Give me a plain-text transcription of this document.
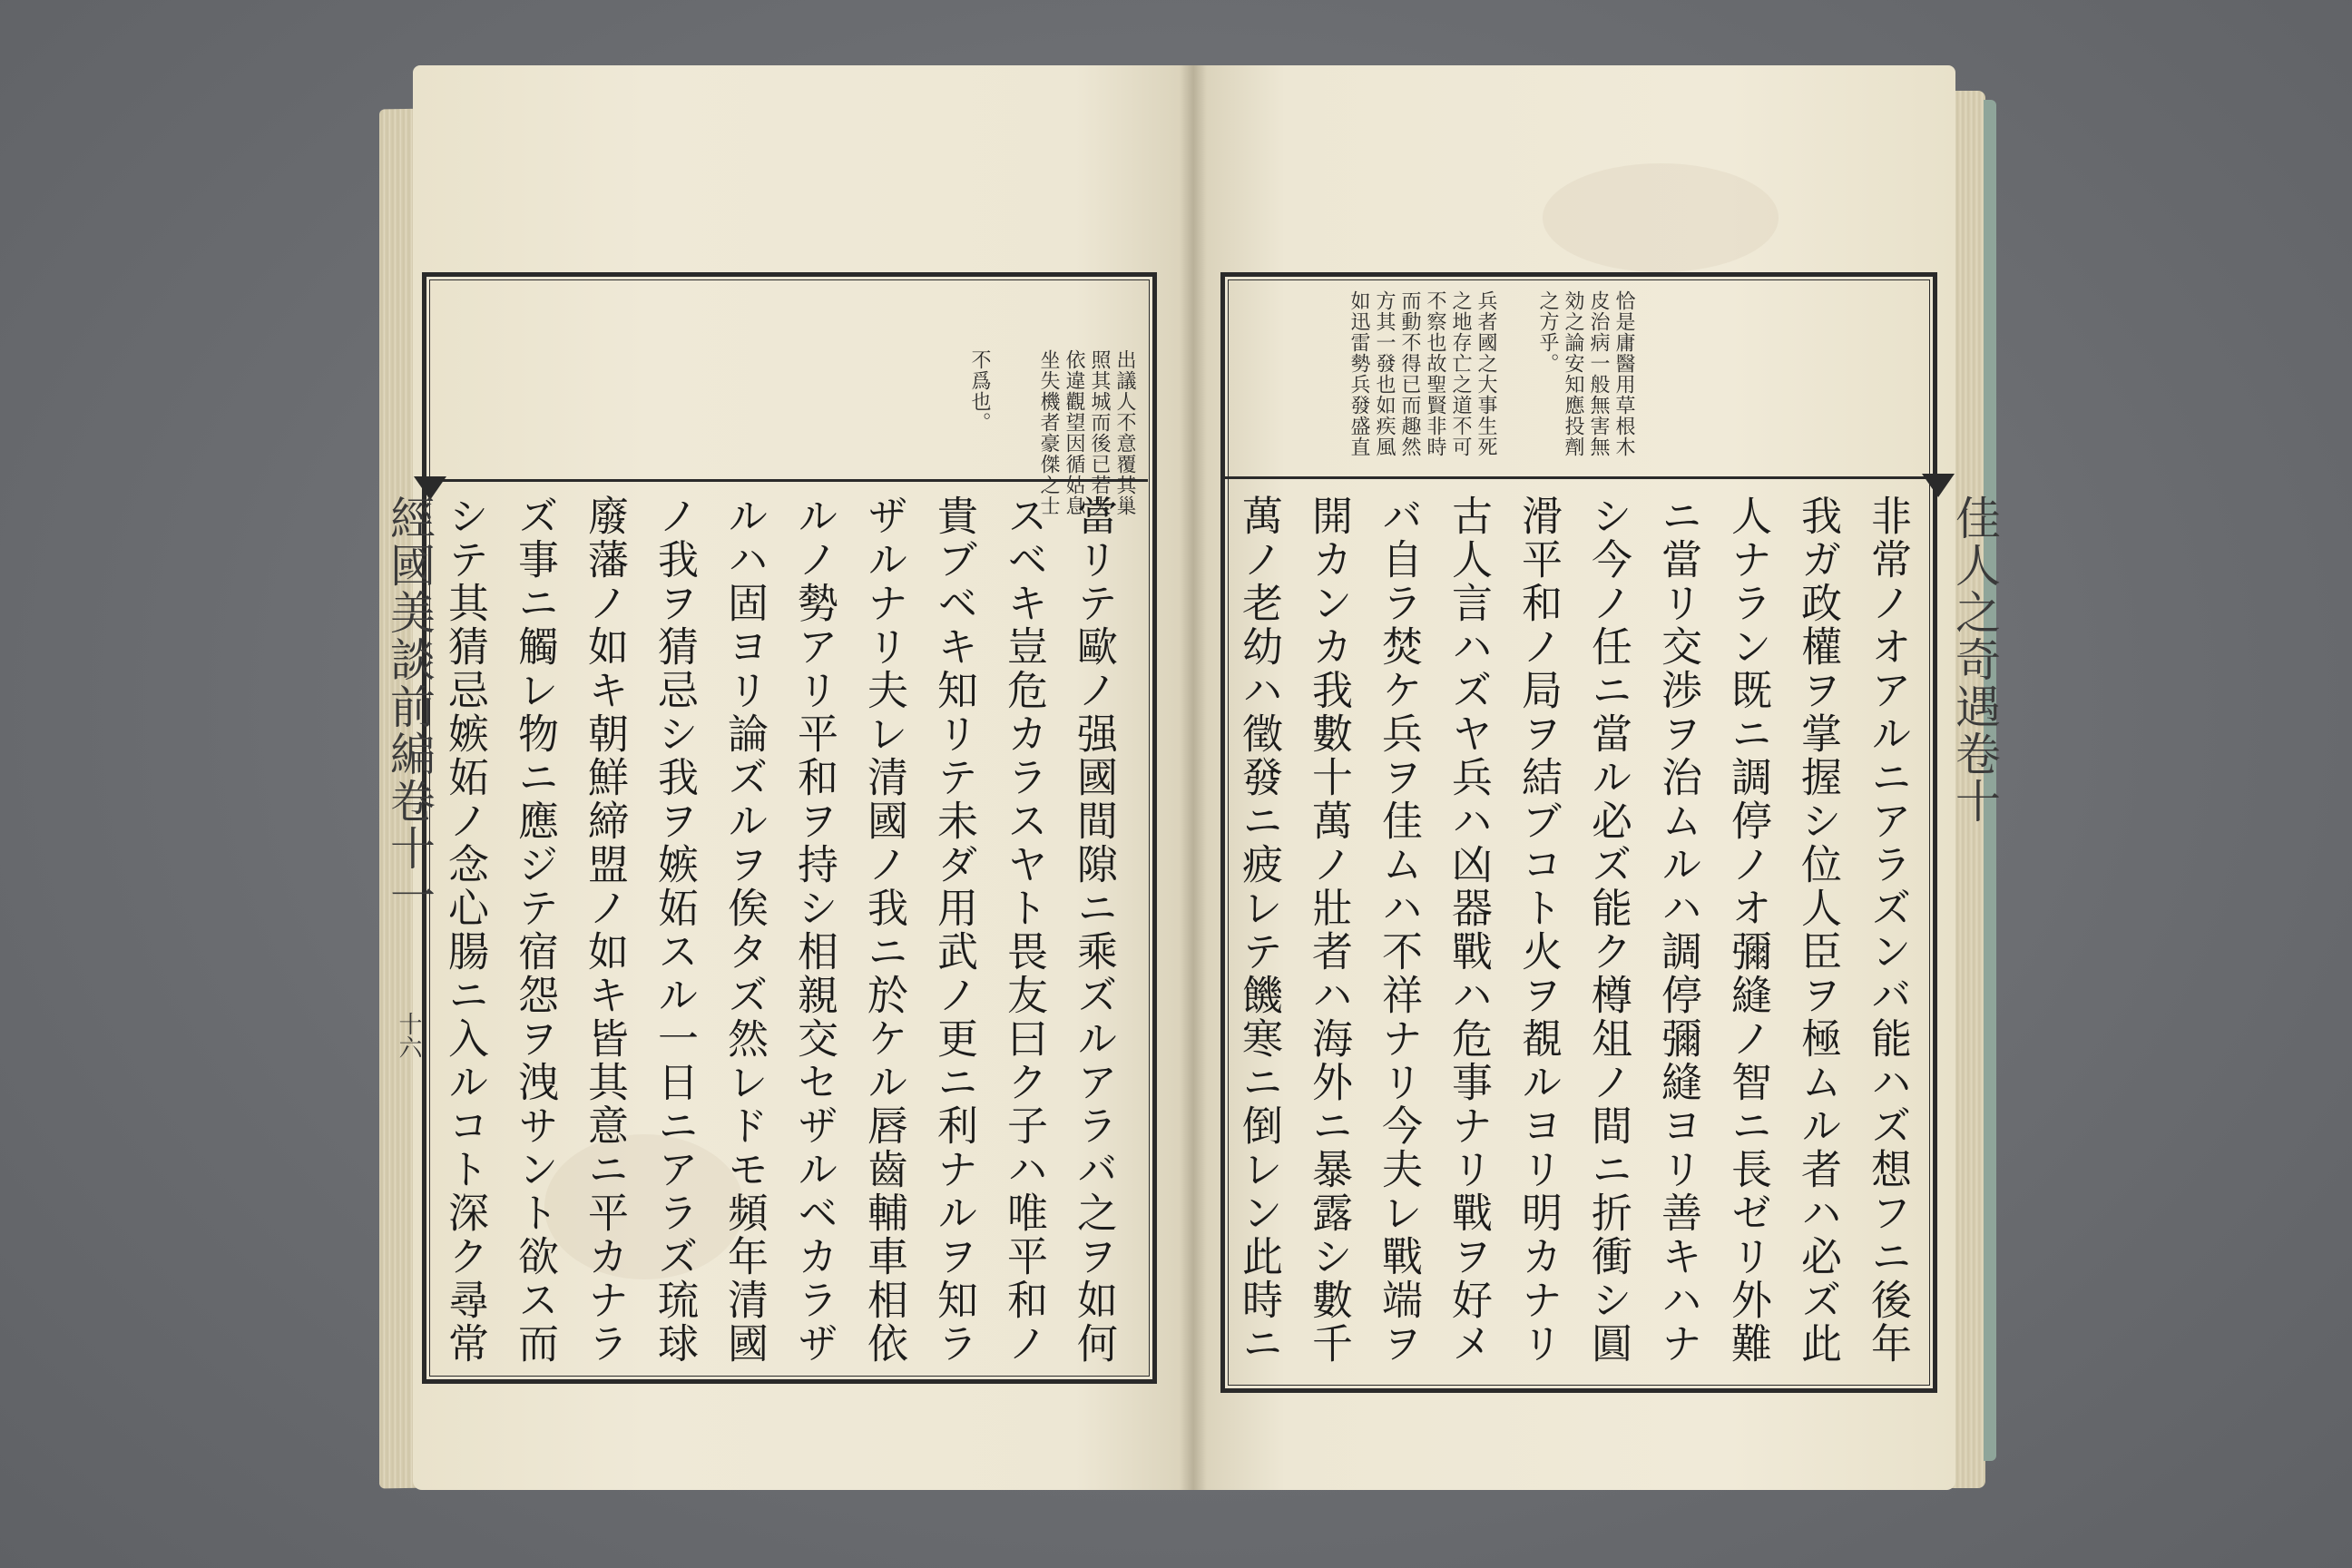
經國美談前編卷十一
十六
出議人不意覆其巢
照其城而後已若夫
依違觀望因循姑息
坐失機者豪傑之士
不爲也。
當リテ歐ノ强國間隙ニ乘ズルアラバ之ヲ如何
スベキ豈危カラスヤト畏友曰ク子ハ唯平和ノ
貴ブベキ知リテ未ダ用武ノ更ニ利ナルヲ知ラ
ザルナリ夫レ清國ノ我ニ於ケル唇齒輔車相依
ルノ勢アリ平和ヲ持シ相親交セザルベカラザ
ルハ固ヨリ論ズルヲ俟タズ然レドモ頻年清國
ノ我ヲ猜忌シ我ヲ嫉妬スル一日ニアラズ琉球
廢藩ノ如キ朝鮮締盟ノ如キ皆其意ニ平カナラ
ズ事ニ觸レ物ニ應ジテ宿怨ヲ洩サント欲ス而
シテ其猜忌嫉妬ノ念心腸ニ入ルコト深ク尋常	佳人之奇遇卷十
恰是庸醫用草根木
皮治病一般無害無
効之論安知應投劑
之方乎。
兵者國之大事生死
之地存亡之道不可
不察也故聖賢非時
而動不得已而趣然
方其一發也如疾風
如迅雷勢兵發盛直
非常ノオアルニアラズンバ能ハズ想フニ後年
我ガ政權ヲ掌握シ位人臣ヲ極ムル者ハ必ズ此
人ナラン既ニ調停ノオ彌縫ノ智ニ長ゼリ外難
ニ當リ交渉ヲ治ムルハ調停彌縫ヨリ善キハナ
シ今ノ任ニ當ル必ズ能ク樽俎ノ間ニ折衝シ圓
滑平和ノ局ヲ結ブコト火ヲ覩ルヨリ明カナリ
古人言ハズヤ兵ハ凶器戰ハ危事ナリ戰ヲ好メ
バ自ラ焚ケ兵ヲ佳ムハ不祥ナリ今夫レ戰端ヲ
開カンカ我數十萬ノ壯者ハ海外ニ暴露シ數千
萬ノ老幼ハ徵發ニ疲レテ饑寒ニ倒レン此時ニ
